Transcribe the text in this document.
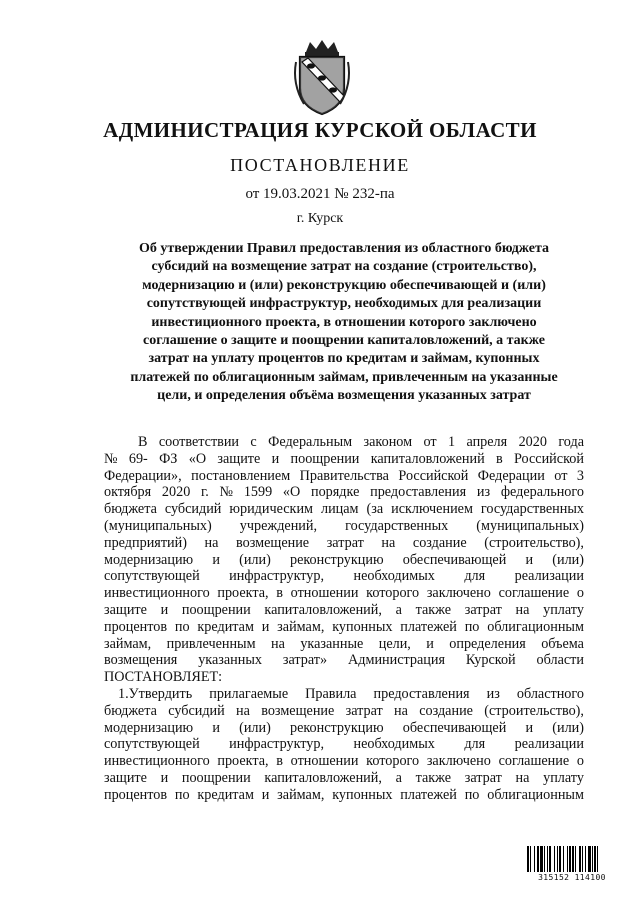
АДМИНИСТРАЦИЯ КУРСКОЙ ОБЛАСТИ
ПОСТАНОВЛЕНИЕ
от 19.03.2021 № 232-па
г. Курск
Об утверждении Правил предоставления из областного бюджета
субсидий на возмещение затрат на создание (строительство),
модернизацию и (или) реконструкцию обеспечивающей и (или)
сопутствующей инфраструктур, необходимых для реализации
инвестиционного проекта, в отношении которого заключено
соглашение о защите и поощрении капиталовложений, а также
затрат на уплату процентов по кредитам и займам, купонных
платежей по облигационным займам, привлеченным на указанные
цели, и определения объёма возмещения указанных затрат
В соответствии с Федеральным законом от 1 апреля 2020 года
№ 69- ФЗ «О защите и поощрении капиталовложений в Российской
Федерации», постановлением Правительства Российской Федерации от 3
октября 2020 г. № 1599 «О порядке предоставления из федерального
бюджета субсидий юридическим лицам (за исключением государственных
(муниципальных) учреждений, государственных (муниципальных)
предприятий) на возмещение затрат на создание (строительство),
модернизацию и (или) реконструкцию обеспечивающей и (или)
сопутствующей инфраструктур, необходимых для реализации
инвестиционного проекта, в отношении которого заключено соглашение о
защите и поощрении капиталовложений, а также затрат на уплату
процентов по кредитам и займам, купонных платежей по облигационным
займам, привлеченным на указанные цели, и определения объема
возмещения указанных затрат» Администрация Курской области
ПОСТАНОВЛЯЕТ:
1.Утвердить прилагаемые Правила предоставления из областного
бюджета субсидий на возмещение затрат на создание (строительство),
модернизацию и (или) реконструкцию обеспечивающей и (или)
сопутствующей инфраструктур, необходимых для реализации
инвестиционного проекта, в отношении которого заключено соглашение о
защите и поощрении капиталовложений, а также затрат на уплату
процентов по кредитам и займам, купонных платежей по облигационным
315152 114100
